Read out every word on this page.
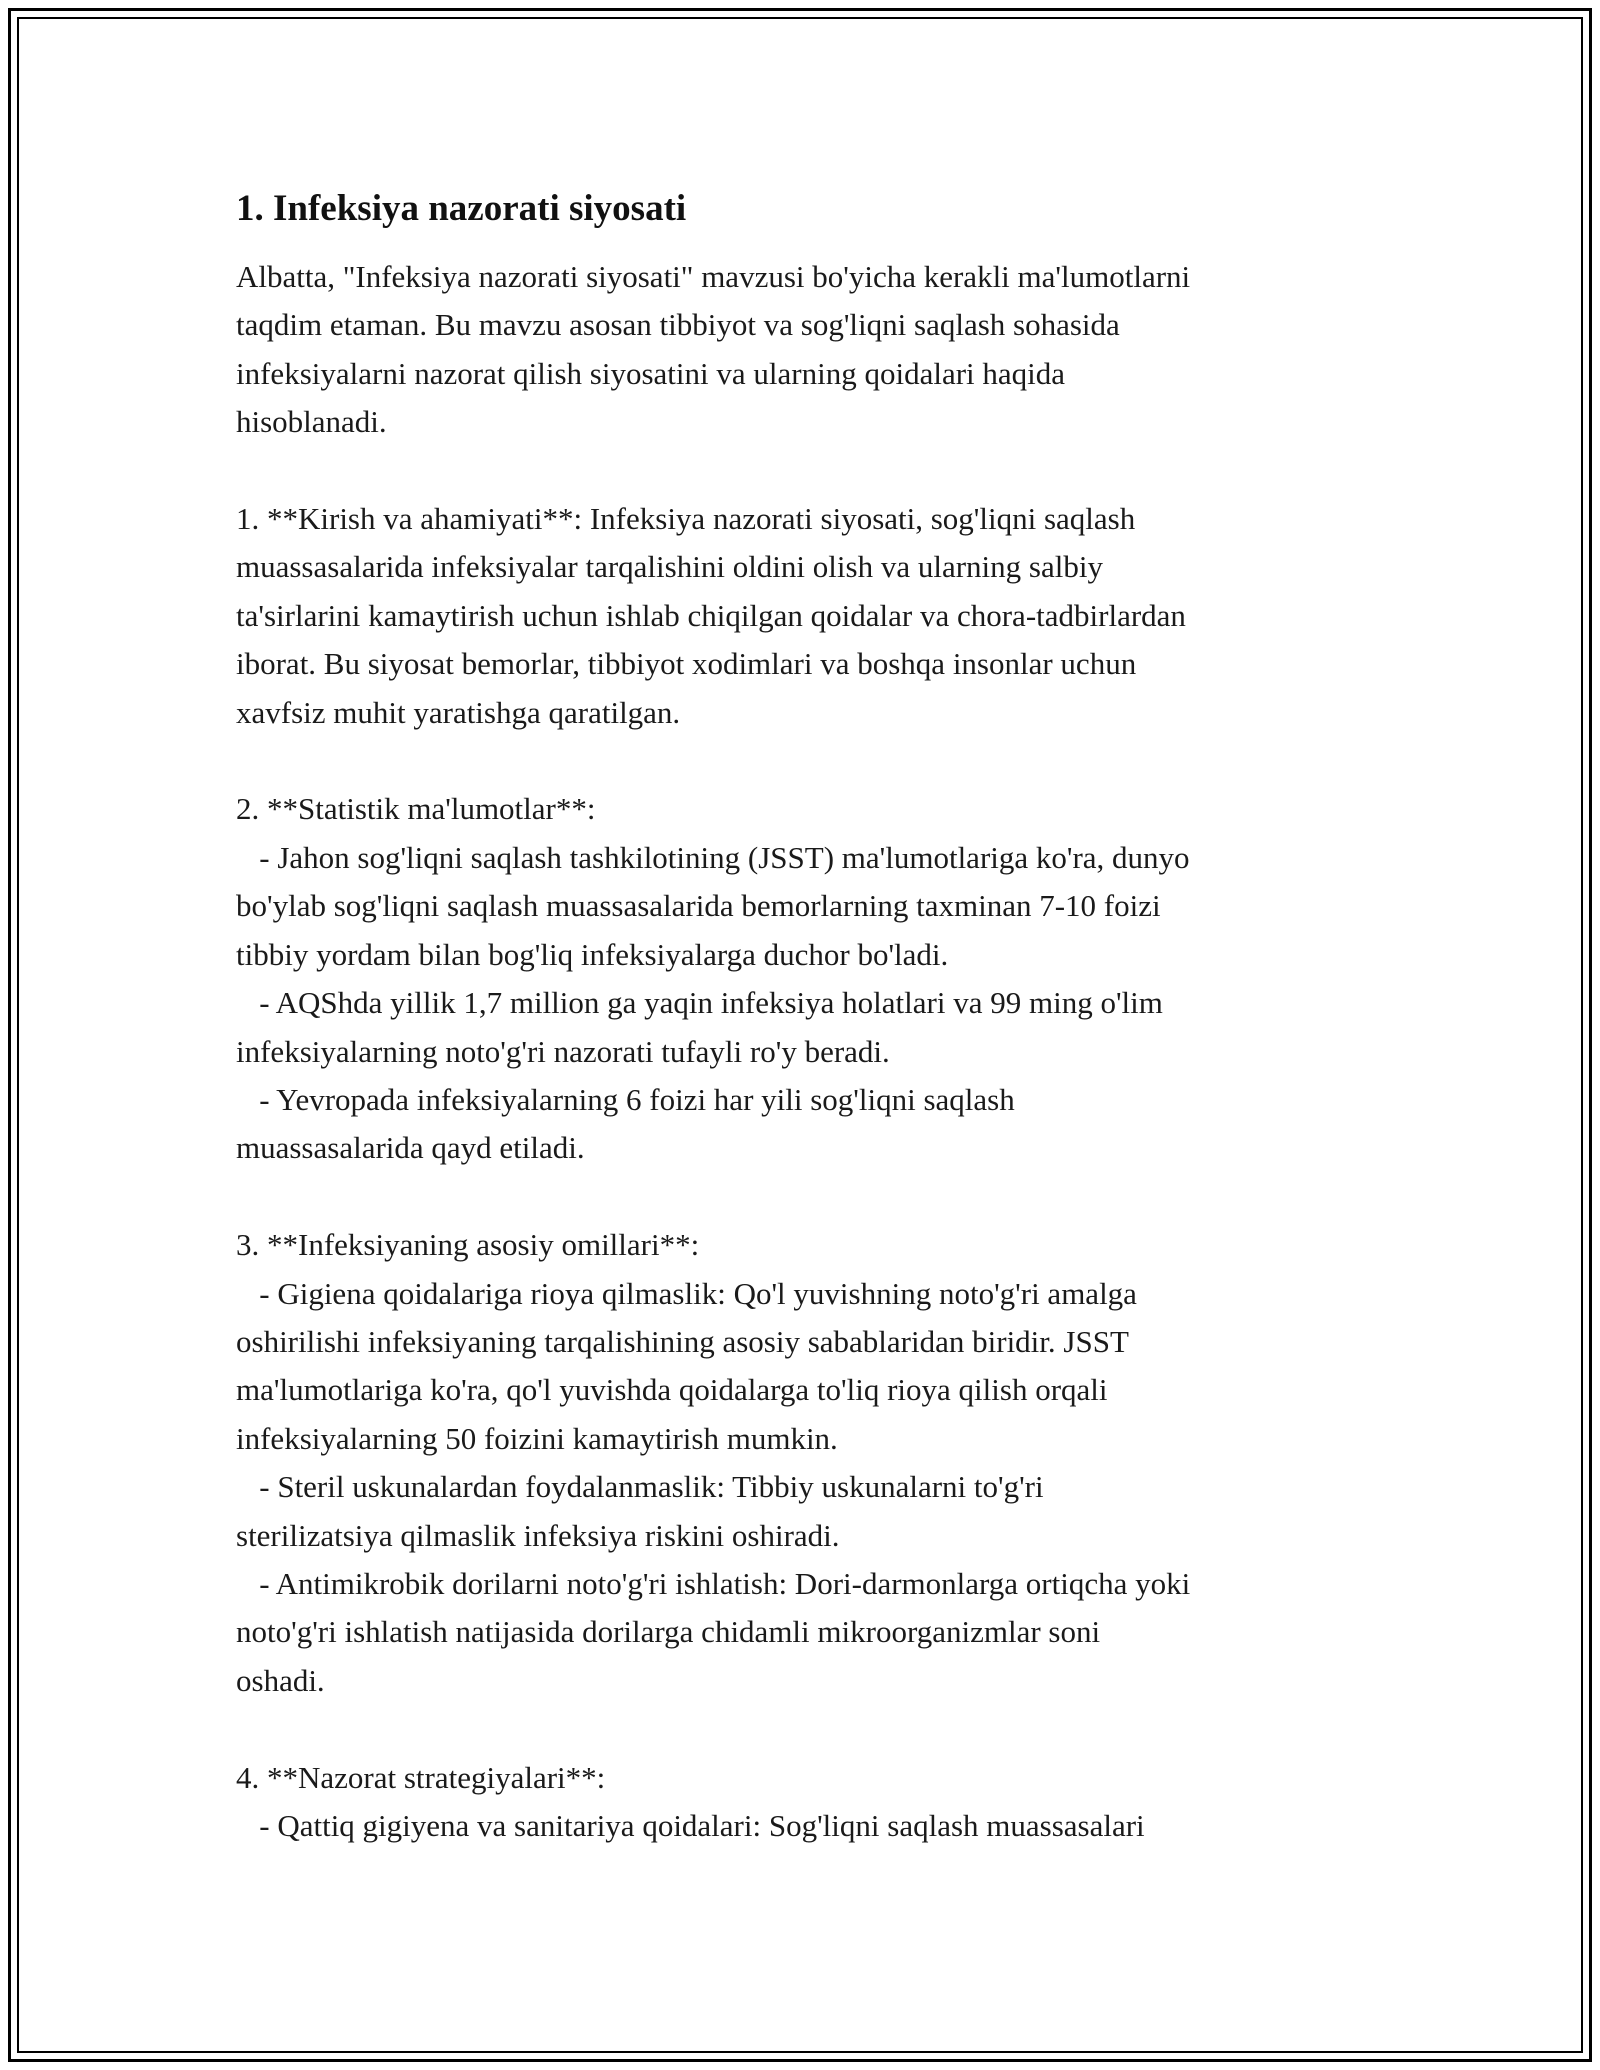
1. Infeksiya nazorati siyosati

Albatta, "Infeksiya nazorati siyosati" mavzusi bo'yicha kerakli ma'lumotlarni
taqdim etaman. Bu mavzu asosan tibbiyot va sog'liqni saqlash sohasida
infeksiyalarni nazorat qilish siyosatini va ularning qoidalari haqida
hisoblanadi.

1. **Kirish va ahamiyati**: Infeksiya nazorati siyosati, sog'liqni saqlash
muassasalarida infeksiyalar tarqalishini oldini olish va ularning salbiy
ta'sirlarini kamaytirish uchun ishlab chiqilgan qoidalar va chora-tadbirlardan
iborat. Bu siyosat bemorlar, tibbiyot xodimlari va boshqa insonlar uchun
xavfsiz muhit yaratishga qaratilgan.

2. **Statistik ma'lumotlar**:
- Jahon sog'liqni saqlash tashkilotining (JSST) ma'lumotlariga ko'ra, dunyo
bo'ylab sog'liqni saqlash muassasalarida bemorlarning taxminan 7-10 foizi
tibbiy yordam bilan bog'liq infeksiyalarga duchor bo'ladi.
- AQShda yillik 1,7 million ga yaqin infeksiya holatlari va 99 ming o'lim
infeksiyalarning noto'g'ri nazorati tufayli ro'y beradi.
- Yevropada infeksiyalarning 6 foizi har yili sog'liqni saqlash
muassasalarida qayd etiladi.

3. **Infeksiyaning asosiy omillari**:
- Gigiena qoidalariga rioya qilmaslik: Qo'l yuvishning noto'g'ri amalga
oshirilishi infeksiyaning tarqalishining asosiy sabablaridan biridir. JSST
ma'lumotlariga ko'ra, qo'l yuvishda qoidalarga to'liq rioya qilish orqali
infeksiyalarning 50 foizini kamaytirish mumkin.
- Steril uskunalardan foydalanmaslik: Tibbiy uskunalarni to'g'ri
sterilizatsiya qilmaslik infeksiya riskini oshiradi.
- Antimikrobik dorilarni noto'g'ri ishlatish: Dori-darmonlarga ortiqcha yoki
noto'g'ri ishlatish natijasida dorilarga chidamli mikroorganizmlar soni
oshadi.

4. **Nazorat strategiyalari**:
- Qattiq gigiyena va sanitariya qoidalari: Sog'liqni saqlash muassasalari
